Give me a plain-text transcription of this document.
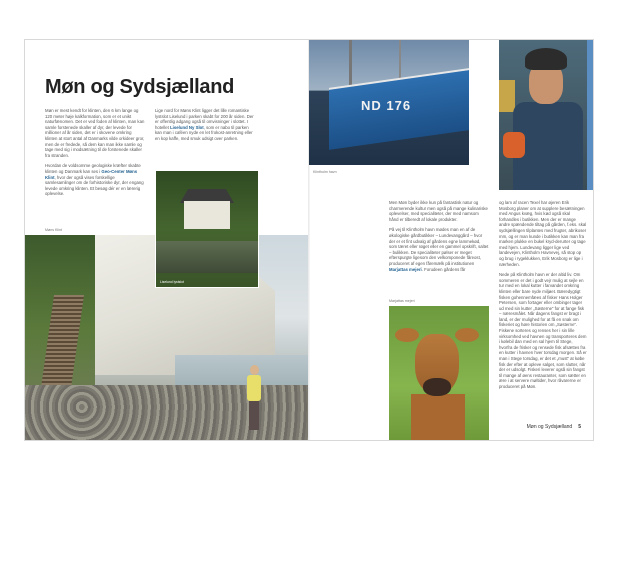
Møn og Sydsjælland

Møn er mest kendt for klinten, den 6 km lange og 120 meter høje kalkformation, som er et unikt naturfænomen. Det er ved foden af klinten, man kan samle forstenede skaller af dyr, der levede for millioner af år siden, det er i skovene omkring klinten at stort antal af Danmarks vilde orkideer gror, men de er fredede, så dem kan man ikke samle og tage med sig i modsætning til de forstenede skaller fra stranden.

Hvordan de voldsomme geologiske kræfter skabte klinten og Danmark kan ses i Geo-Center Møns Klint, hvor der også vises forskellige samlesamlinger om de forhistoriske dyr, der engang levede omkring klinten. Et besøg dér er en lærerig oplevelse.

Lige nord for Møns Klint ligger det lille romantiske lystslot Liselund i parken skabt for 200 år siden. Der er offentlig adgang også til omvisninger i slottet. I hotellet Liselund Ny Slot, som er nabo til parken kan man i caféen nyde en let frokost-anretning eller en kop kaffe, med smuk udsigt over parken.

Møns Klint
Liselund lystslot
ND 176
Klintholm havn

Men Møn byder ikke kun på fantastisk natur og charmerende kultur men også på mange kulinariske oplevelser, med specialiteter, der med namsom hånd er tilberedt af lokale produkter.

På vej til Klintholm havn mødes man en af de økologiske gårdbutikker – Lundevanggård – hvor der er et fint udvalg af gårdens egne lammekød, som tæret eller røget eller en gammel opskrift, saltet – bulikken. De specialiteter pølser er meget efterspurgte ligesom den velkomponede fåreost, produceret af egen fåremælk på institutionen Marjattas mejeri. Forudeen gårdens får

Marjattas mejeri

og lam af racen Texel har øjeren Erik Mosborg planer om at supplere besætningen med Angus kvæg, hvis kød også skal forhandles i butikken. Men der er mange andre spændende tiltag på gården, f.eks. skal sydsjællingen tilplantes med frugter, abrikoser mm, og er man kunde i butikken kan man fra marken plukke en bukel kryd-derurter og tage med hjem. Lundevang ligger lige ved landevejen, Klintholm Havnevej, så stop op og brug i rygeklukken, Erik Mosborg er lige i nærheden.

Nede på Klintholm havn er der altid liv. Om sommeren er det i godt vejr mulig at sejle en tur med en lokal kutter i farvandet omkring klinten eller bare nyde miljøet. Bæredygtigt fisken gohennemfæes af fisker Hans Holger Petersen, som fortager eller ombinger tager ud med sin kutter „Søsterne“ for at fange fisk – næresmålet. Når dagens fangst er bragt i land, er der mulighed for at få en snak om fiskeriet og høre historien om „Søsterne“. Fiskene sorteres og renses her i sin lille virksomhed ved havnen og transporteres dem i kølebil dan med en sal hjem til Stege, hvorfra de frisker og rensede fisk afsættes fra en kutter i havnen hver torsdag morgen. Så er man i Stege torsdag, er det et „must“ at købe fisk der efter at opleve salget, som slutter, når der er udsolgt. Fiskeri leverer også sin fangst til mange af øens restauranter, som sætter en ære i at servere møltider, hvor råvarerne er produceret på Møn.

Møn og Sydsjælland 5
